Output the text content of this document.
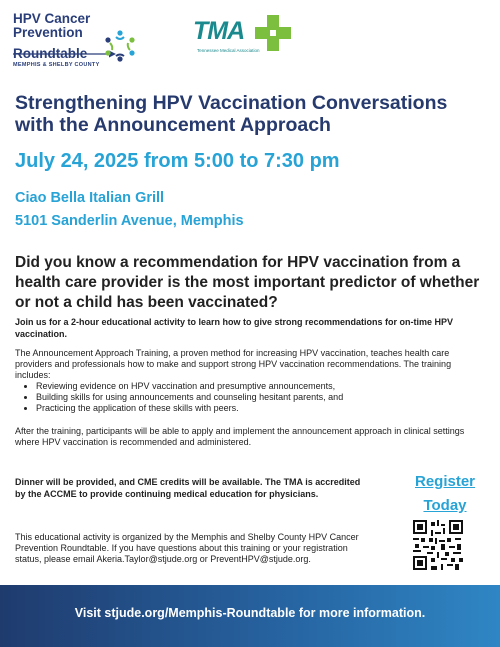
HPV Cancer
Prevention
Roundtable
MEMPHIS & SHELBY COUNTY
TMA
Tennessee Medical Association
Strengthening HPV Vaccination Conversations with the Announcement Approach
July 24, 2025 from 5:00 to 7:30 pm
Ciao Bella Italian Grill
5101 Sanderlin Avenue, Memphis
Did you know a recommendation for HPV vaccination from a health care provider is the most important predictor of whether or not a child has been vaccinated?
Join us for a 2-hour educational activity to learn how to give strong recommendations for on-time HPV vaccination.
The Announcement Approach Training, a proven method for increasing HPV vaccination, teaches health care providers and professionals how to make and support strong HPV vaccination recommendations. The training includes:
• Reviewing evidence on HPV vaccination and presumptive announcements,
• Building skills for using announcements and counseling hesitant parents, and
• Practicing the application of these skills with peers.
After the training, participants will be able to apply and implement the announcement approach in clinical settings where HPV vaccination is recommended and administered.
Dinner will be provided, and CME credits will be available. The TMA is accredited by the ACCME to provide continuing medical education for physicians.
This educational activity is organized by the Memphis and Shelby County HPV Cancer Prevention Roundtable. If you have questions about this training or your registration status, please email Akeria.Taylor@stjude.org or PreventHPV@stjude.org.
Register
Today
Visit stjude.org/Memphis-Roundtable for more information.
